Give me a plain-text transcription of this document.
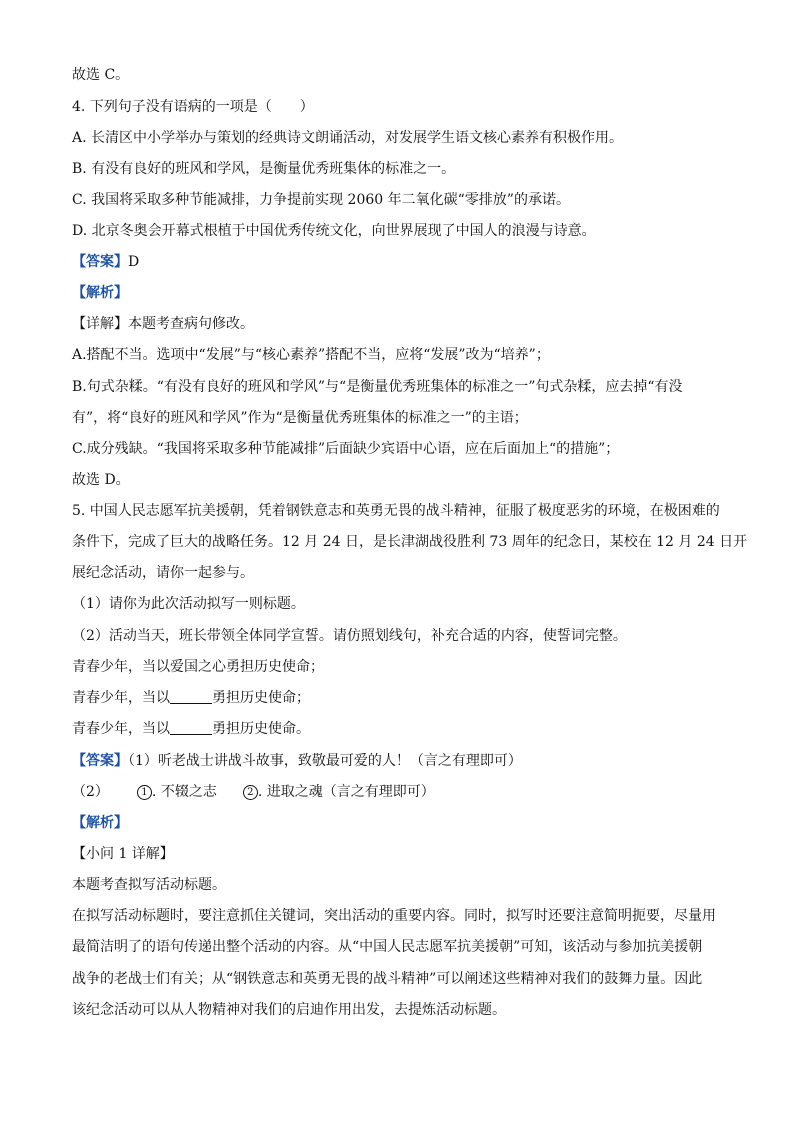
故选 C。
4. 下列句子没有语病的一项是（　　）
A. 长清区中小学举办与策划的经典诗文朗诵活动，对发展学生语文核心素养有积极作用。
B. 有没有良好的班风和学风，是衡量优秀班集体的标准之一。
C. 我国将采取多种节能减排，力争提前实现 2060 年二氧化碳“零排放”的承诺。
D. 北京冬奥会开幕式根植于中国优秀传统文化，向世界展现了中国人的浪漫与诗意。
【答案】D
【解析】
【详解】本题考查病句修改。
A.搭配不当。选项中“发展”与“核心素养”搭配不当，应将“发展”改为“培养”；
B.句式杂糅。“有没有良好的班风和学风”与“是衡量优秀班集体的标准之一”句式杂糅，应去掉“有没
有”，将“良好的班风和学风”作为“是衡量优秀班集体的标准之一”的主语；
C.成分残缺。“我国将采取多种节能减排”后面缺少宾语中心语，应在后面加上“的措施”；
故选 D。
5. 中国人民志愿军抗美援朝，凭着钢铁意志和英勇无畏的战斗精神，征服了极度恶劣的环境，在极困难的
条件下，完成了巨大的战略任务。12 月 24 日，是长津湖战役胜利 73 周年的纪念日，某校在 12 月 24 日开
展纪念活动，请你一起参与。
（1）请你为此次活动拟写一则标题。
（2）活动当天，班长带领全体同学宣誓。请仿照划线句，补充合适的内容，使誓词完整。
青春少年，当以爱国之心勇担历史使命；
青春少年，当以	勇担历史使命；
青春少年，当以	勇担历史使命。
【答案】（1）听老战士讲战斗故事，致敬最可爱的人！（言之有理即可）
（2）	1 . 不辍之志	2 . 进取之魂（言之有理即可）
【解析】
【小问 1 详解】
本题考查拟写活动标题。
在拟写活动标题时，要注意抓住关键词，突出活动的重要内容。同时，拟写时还要注意简明扼要，尽量用
最简洁明了的语句传递出整个活动的内容。从“中国人民志愿军抗美援朝”可知，该活动与参加抗美援朝
战争的老战士们有关；从“钢铁意志和英勇无畏的战斗精神”可以阐述这些精神对我们的鼓舞力量。因此
该纪念活动可以从人物精神对我们的启迪作用出发，去提炼活动标题。
